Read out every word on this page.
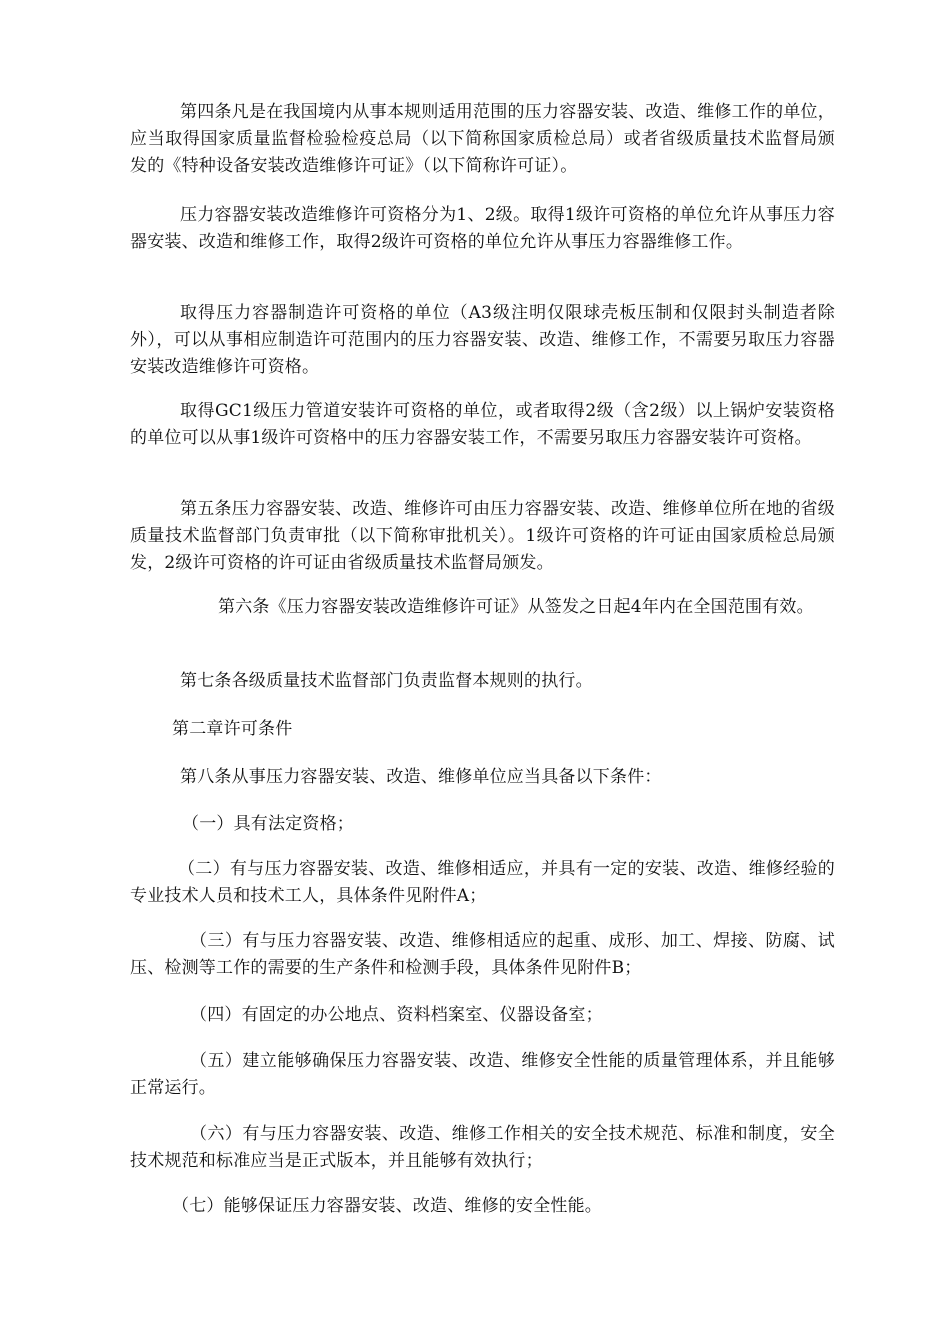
第四条凡是在我国境内从事本规则适用范围的压力容器安装、改造、维修工作的单位，应当取得国家质量监督检验检疫总局（以下简称国家质检总局）或者省级质量技术监督局颁发的《特种设备安装改造维修许可证》（以下简称许可证）。

压力容器安装改造维修许可资格分为1、2级。取得1级许可资格的单位允许从事压力容器安装、改造和维修工作，取得2级许可资格的单位允许从事压力容器维修工作。

取得压力容器制造许可资格的单位（A3级注明仅限球壳板压制和仅限封头制造者除外），可以从事相应制造许可范围内的压力容器安装、改造、维修工作，不需要另取压力容器安装改造维修许可资格。

取得GC1级压力管道安装许可资格的单位，或者取得2级（含2级）以上锅炉安装资格的单位可以从事1级许可资格中的压力容器安装工作，不需要另取压力容器安装许可资格。

第五条压力容器安装、改造、维修许可由压力容器安装、改造、维修单位所在地的省级质量技术监督部门负责审批（以下简称审批机关）。1级许可资格的许可证由国家质检总局颁发，2级许可资格的许可证由省级质量技术监督局颁发。

第六条《压力容器安装改造维修许可证》从签发之日起4年内在全国范围有效。

第七条各级质量技术监督部门负责监督本规则的执行。

第二章许可条件

第八条从事压力容器安装、改造、维修单位应当具备以下条件：

（一）具有法定资格；

（二）有与压力容器安装、改造、维修相适应，并具有一定的安装、改造、维修经验的专业技术人员和技术工人，具体条件见附件A；

（三）有与压力容器安装、改造、维修相适应的起重、成形、加工、焊接、防腐、试压、检测等工作的需要的生产条件和检测手段，具体条件见附件B；

（四）有固定的办公地点、资料档案室、仪器设备室；

（五）建立能够确保压力容器安装、改造、维修安全性能的质量管理体系，并且能够正常运行。

（六）有与压力容器安装、改造、维修工作相关的安全技术规范、标准和制度，安全技术规范和标准应当是正式版本，并且能够有效执行；

（七）能够保证压力容器安装、改造、维修的安全性能。
